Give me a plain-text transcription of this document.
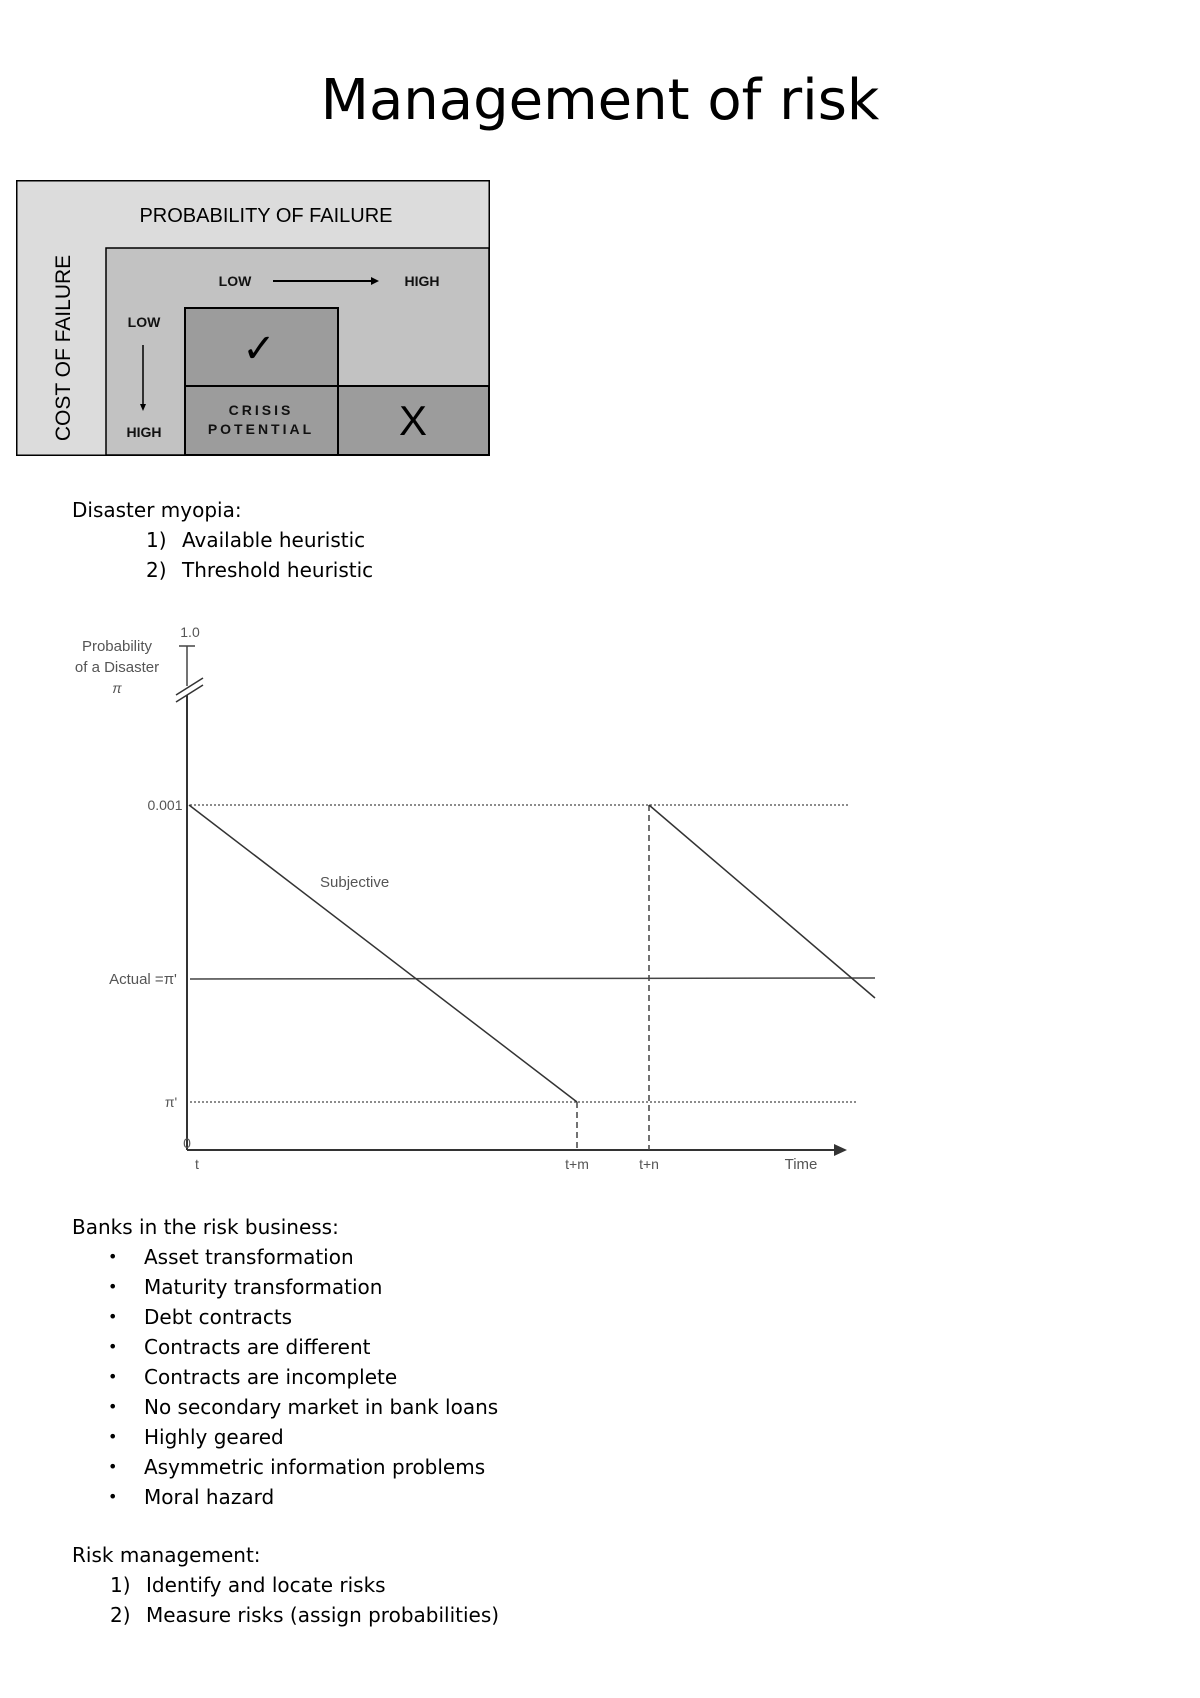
Management of risk
PROBABILITY OF FAILURE
COST OF FAILURE	LOW	HIGH
LOW
HIGH
✓
CRISIS
POTENTIAL X
Disaster myopia:
1) Available heuristic
2) Threshold heuristic
Probability
of a Disaster
π
1.0
Subjective
0.001
Actual =π'
π'
0
t	t+m	t+n	Time
Banks in the risk business:
• Asset transformation
• Maturity transformation
• Debt contracts
• Contracts are different
• Contracts are incomplete
• No secondary market in bank loans
• Highly geared
• Asymmetric information problems
• Moral hazard
Risk management:
1) Identify and locate risks
2) Measure risks (assign probabilities)
